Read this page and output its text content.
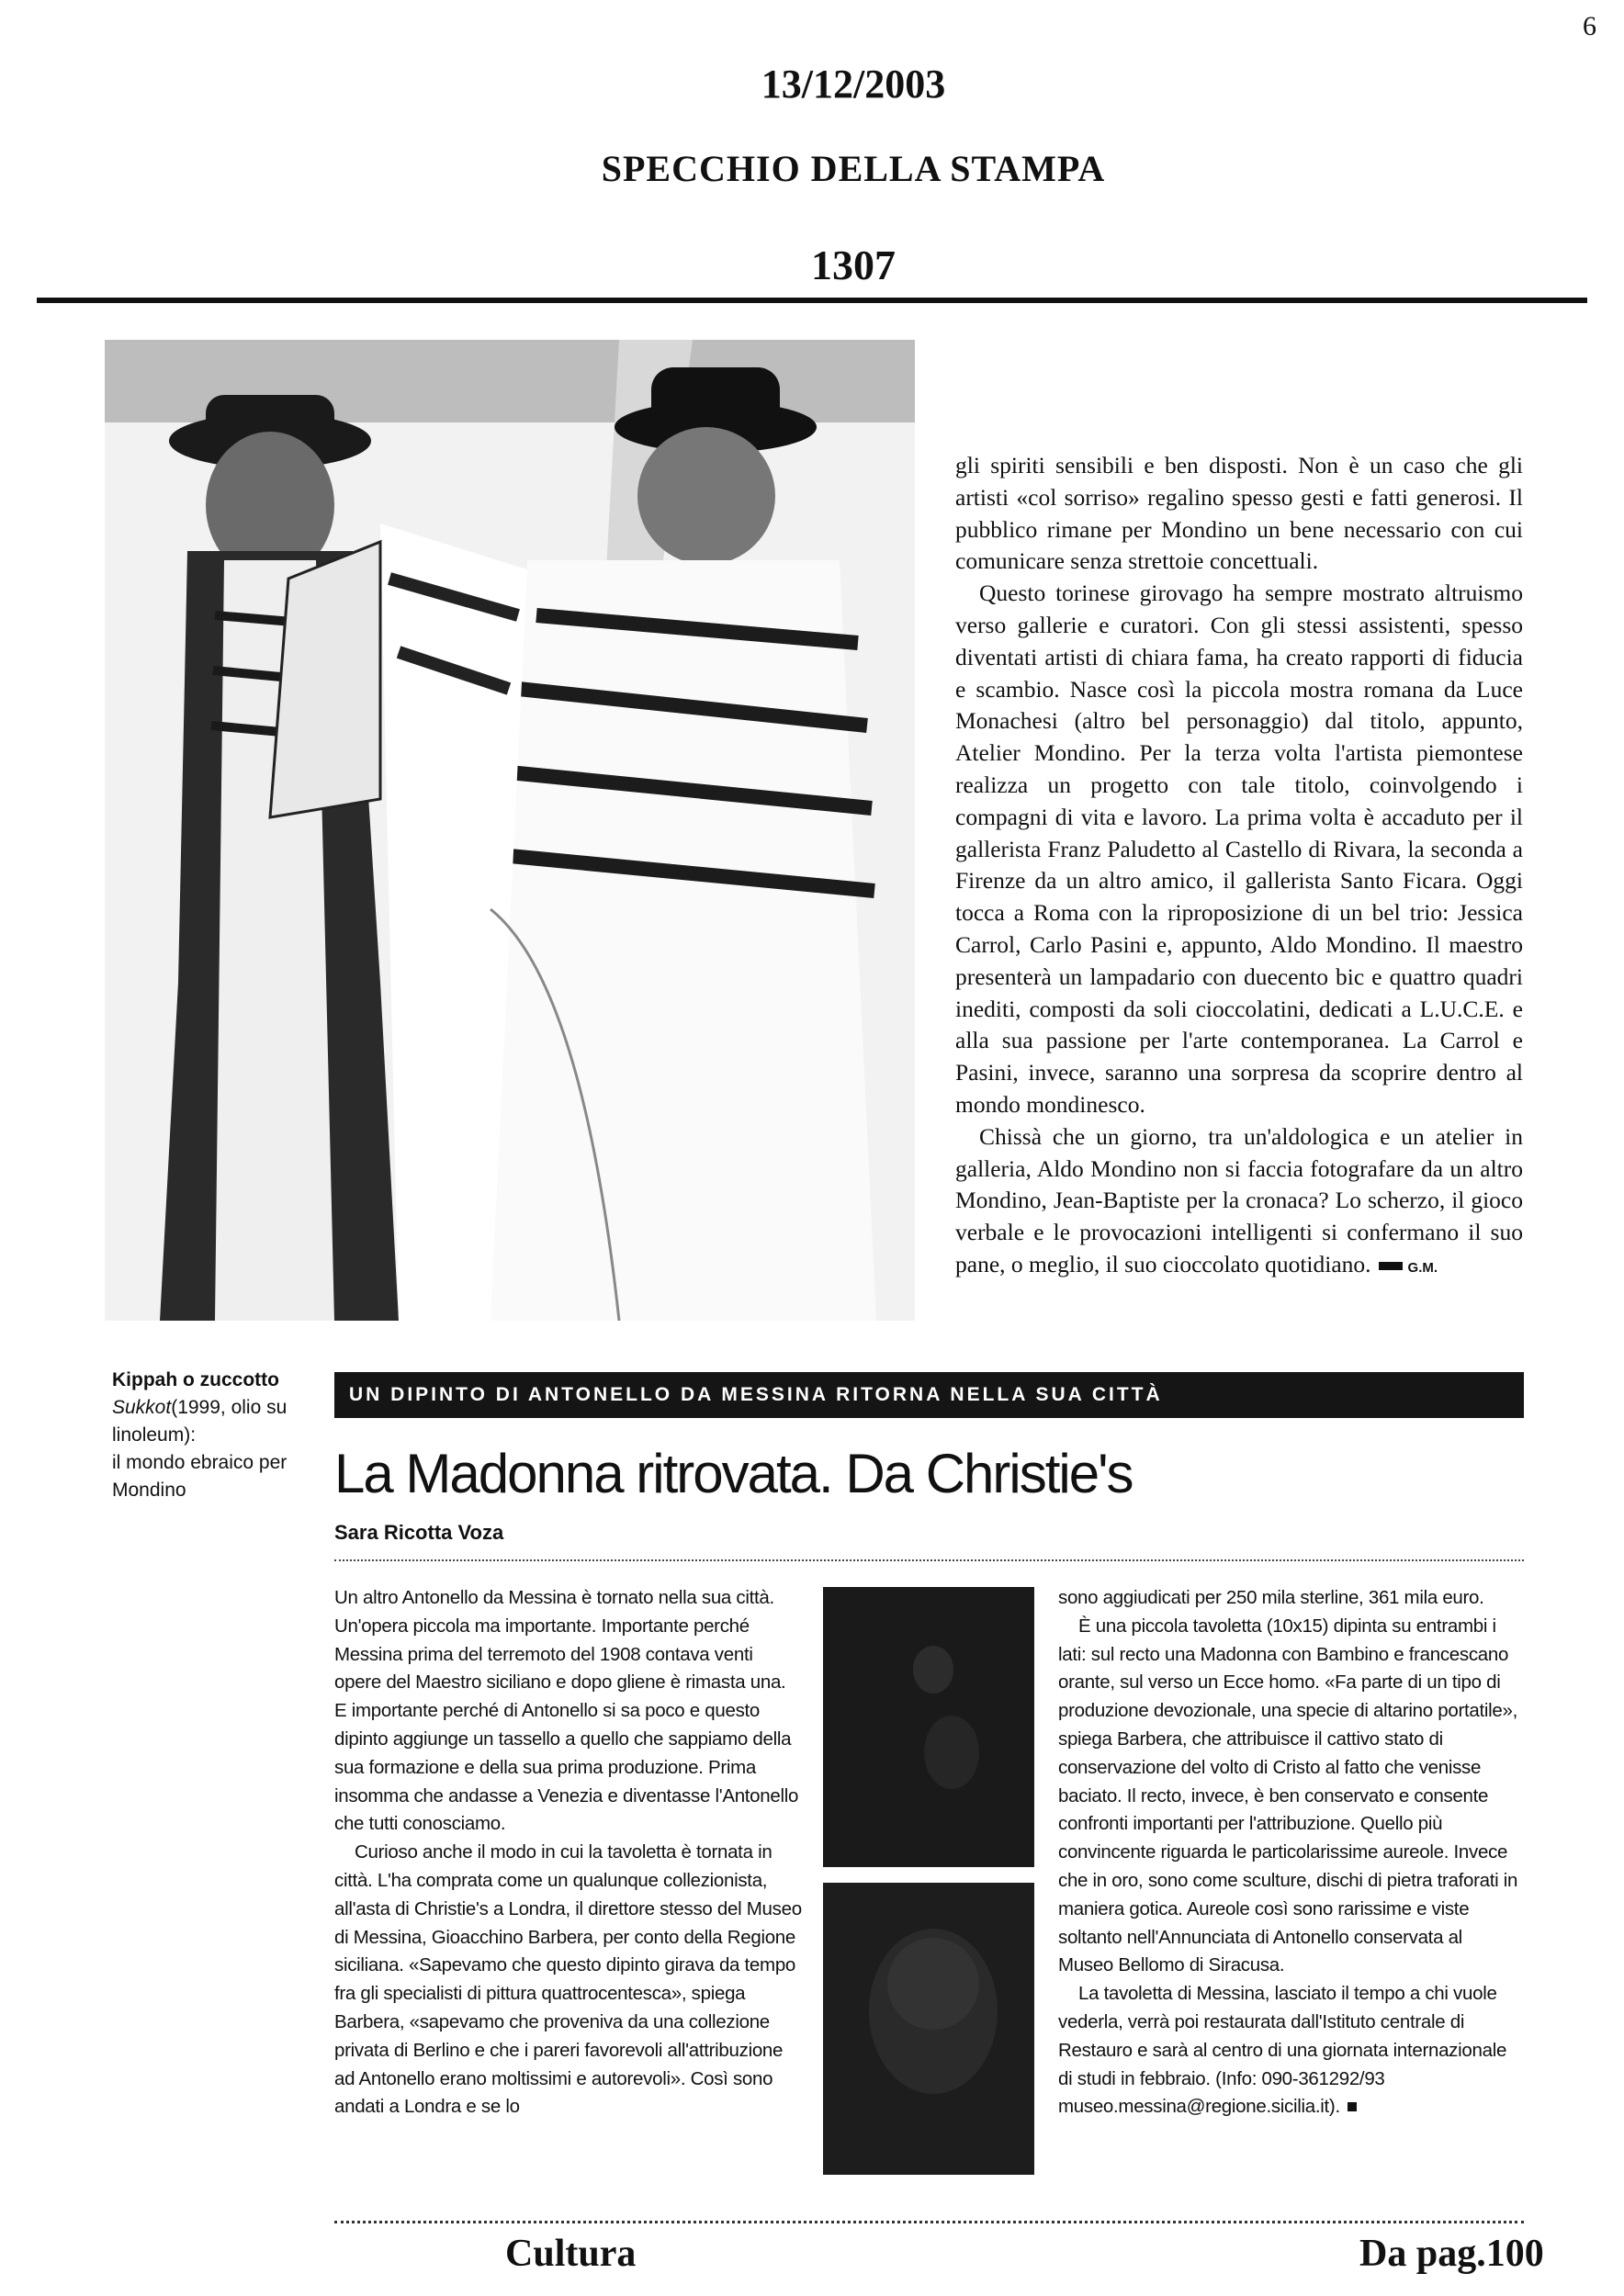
6
13/12/2003
SPECCHIO DELLA STAMPA
1307

gli spiriti sensibili e ben disposti. Non è un caso che gli artisti «col sorriso» regalino spesso gesti e fatti generosi. Il pubblico rimane per Mondino un bene necessario con cui comunicare senza strettoie concettuali.

Questo torinese girovago ha sempre mostrato altruismo verso gallerie e curatori. Con gli stessi assistenti, spesso diventati artisti di chiara fama, ha creato rapporti di fiducia e scambio. Nasce così la piccola mostra romana da Luce Monachesi (altro bel personaggio) dal titolo, appunto, Atelier Mondino. Per la terza volta l'artista piemontese realizza un progetto con tale titolo, coinvolgendo i compagni di vita e lavoro. La prima volta è accaduto per il gallerista Franz Paludetto al Castello di Rivara, la seconda a Firenze da un altro amico, il gallerista Santo Ficara. Oggi tocca a Roma con la riproposizione di un bel trio: Jessica Carrol, Carlo Pasini e, appunto, Aldo Mondino. Il maestro presenterà un lampadario con duecento bic e quattro quadri inediti, composti da soli cioccolatini, dedicati a L.U.C.E. e alla sua passione per l'arte contemporanea. La Carrol e Pasini, invece, saranno una sorpresa da scoprire dentro al mondo mondinesco.

Chissà che un giorno, tra un'aldologica e un atelier in galleria, Aldo Mondino non si faccia fotografare da un altro Mondino, Jean-Baptiste per la cronaca? Lo scherzo, il gioco verbale e le provocazioni intelligenti si confermano il suo pane, o meglio, il suo cioccolato quotidiano.	G.M.

Kippah o zuccotto
Sukkot(1999, olio su linoleum):
il mondo ebraico per Mondino
UN DIPINTO DI ANTONELLO DA MESSINA RITORNA NELLA SUA CITTÀ
La Madonna ritrovata. Da Christie's
Sara Ricotta Voza

Un altro Antonello da Messina è tornato nella sua città. Un'opera piccola ma importante. Importante perché Messina prima del terremoto del 1908 contava venti opere del Maestro siciliano e dopo gliene è rimasta una. E importante perché di Antonello si sa poco e questo dipinto aggiunge un tassello a quello che sappiamo della sua formazione e della sua prima produzione. Prima insomma che andasse a Venezia e diventasse l'Antonello che tutti conosciamo.

Curioso anche il modo in cui la tavoletta è tornata in città. L'ha comprata come un qualunque collezionista, all'asta di Christie's a Londra, il direttore stesso del Museo di Messina, Gioacchino Barbera, per conto della Regione siciliana. «Sapevamo che questo dipinto girava da tempo fra gli specialisti di pittura quattrocentesca», spiega Barbera, «sapevamo che proveniva da una collezione privata di Berlino e che i pareri favorevoli all'attribuzione ad Antonello erano moltissimi e autorevoli». Così sono andati a Londra e se lo

sono aggiudicati per 250 mila sterline, 361 mila euro.

È una piccola tavoletta (10x15) dipinta su entrambi i lati: sul recto una Madonna con Bambino e francescano orante, sul verso un Ecce homo. «Fa parte di un tipo di produzione devozionale, una specie di altarino portatile», spiega Barbera, che attribuisce il cattivo stato di conservazione del volto di Cristo al fatto che venisse baciato. Il recto, invece, è ben conservato e consente confronti importanti per l'attribuzione. Quello più convincente riguarda le particolarissime aureole. Invece che in oro, sono come sculture, dischi di pietra traforati in maniera gotica. Aureole così sono rarissime e viste soltanto nell'Annunciata di Antonello conservata al Museo Bellomo di Siracusa.

La tavoletta di Messina, lasciato il tempo a chi vuole vederla, verrà poi restaurata dall'Istituto centrale di Restauro e sarà al centro di una giornata internazionale di studi in febbraio. (Info: 090-361292/93 museo.messina@regione.sicilia.it).

Cultura	Da pag.100
